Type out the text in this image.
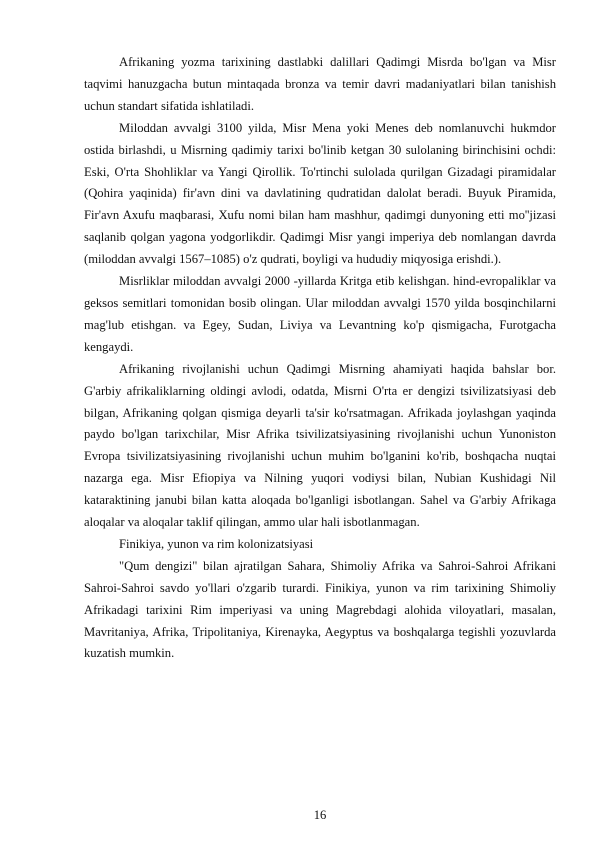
Afrikaning yozma tarixining dastlabki dalillari Qadimgi Misrda bo'lgan va Misr taqvimi hanuzgacha butun mintaqada bronza va temir davri madaniyatlari bilan tanishish uchun standart sifatida ishlatiladi.

Miloddan avvalgi 3100 yilda, Misr Mena yoki Menes deb nomlanuvchi hukmdor ostida birlashdi, u Misrning qadimiy tarixi bo'linib ketgan 30 sulolaning birinchisini ochdi: Eski, O'rta Shohliklar va Yangi Qirollik. To'rtinchi sulolada qurilgan Gizadagi piramidalar (Qohira yaqinida) fir'avn dini va davlatining qudratidan dalolat beradi. Buyuk Piramida, Fir'avn Axufu maqbarasi, Xufu nomi bilan ham mashhur, qadimgi dunyoning etti mo''jizasi saqlanib qolgan yagona yodgorlikdir. Qadimgi Misr yangi imperiya deb nomlangan davrda (miloddan avvalgi 1567–1085) o'z qudrati, boyligi va hududiy miqyosiga erishdi.).

Misrliklar miloddan avvalgi 2000 -yillarda Kritga etib kelishgan. hind-evropaliklar va geksos semitlari tomonidan bosib olingan. Ular miloddan avvalgi 1570 yilda bosqinchilarni mag'lub etishgan. va Egey, Sudan, Liviya va Levantning ko'p qismigacha, Furotgacha kengaydi.

Afrikaning rivojlanishi uchun Qadimgi Misrning ahamiyati haqida bahslar bor. G'arbiy afrikaliklarning oldingi avlodi, odatda, Misrni O'rta er dengizi tsivilizatsiyasi deb bilgan, Afrikaning qolgan qismiga deyarli ta'sir ko'rsatmagan. Afrikada joylashgan yaqinda paydo bo'lgan tarixchilar, Misr Afrika tsivilizatsiyasining rivojlanishi uchun Yunoniston Evropa tsivilizatsiyasining rivojlanishi uchun muhim bo'lganini ko'rib, boshqacha nuqtai nazarga ega. Misr Efiopiya va Nilning yuqori vodiysi bilan, Nubian Kushidagi Nil kataraktining janubi bilan katta aloqada bo'lganligi isbotlangan. Sahel va G'arbiy Afrikaga aloqalar va aloqalar taklif qilingan, ammo ular hali isbotlanmagan.

Finikiya, yunon va rim kolonizatsiyasi

"Qum dengizi" bilan ajratilgan Sahara, Shimoliy Afrika va Sahroi-Sahroi Afrikani Sahroi-Sahroi savdo yo'llari o'zgarib turardi. Finikiya, yunon va rim tarixining Shimoliy Afrikadagi tarixini Rim imperiyasi va uning Magrebdagi alohida viloyatlari, masalan, Mavritaniya, Afrika, Tripolitaniya, Kirenayka, Aegyptus va boshqalarga tegishli yozuvlarda kuzatish mumkin.

16
